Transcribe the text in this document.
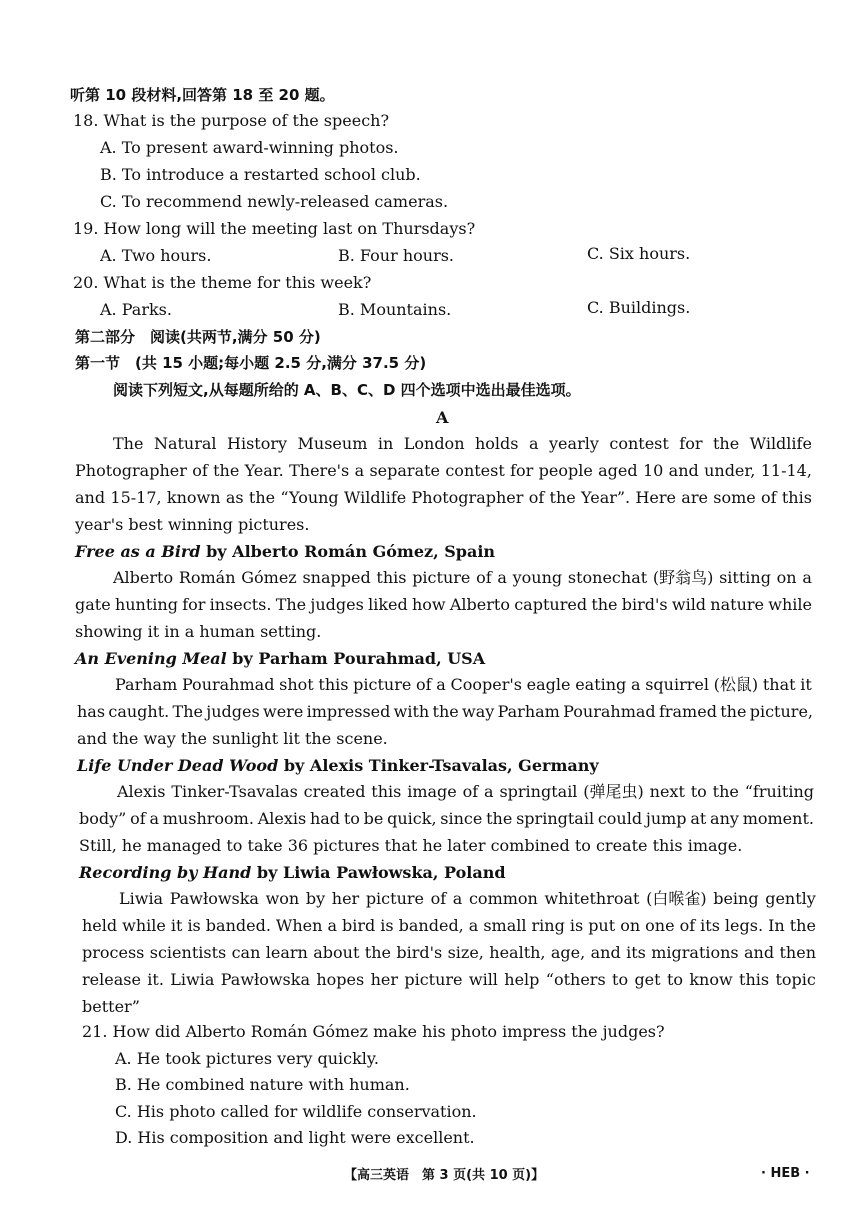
听第 10 段材料,回答第 18 至 20 题。
18. What is the purpose of the speech?
A. To present award-winning photos.
B. To introduce a restarted school club.
C. To recommend newly-released cameras.
19. How long will the meeting last on Thursdays?
A. Two hours.	B. Four hours.	C. Six hours.
20. What is the theme for this week?
A. Parks.	B. Mountains.	C. Buildings.
第二部分　阅读(共两节,满分 50 分)
第一节　(共 15 小题;每小题 2.5 分,满分 37.5 分)
阅读下列短文,从每题所给的 A、B、C、D 四个选项中选出最佳选项。
A
The Natural History Museum in London holds a yearly contest for the Wildlife
Photographer of the Year. There's a separate contest for people aged 10 and under, 11-14,
and 15-17, known as the “Young Wildlife Photographer of the Year”. Here are some of this
year's best winning pictures.
Free as a Bird by Alberto Román Gómez, Spain
Alberto Román Gómez snapped this picture of a young stonechat (野翁鸟) sitting on a
gate hunting for insects. The judges liked how Alberto captured the bird's wild nature while
showing it in a human setting.
An Evening Meal by Parham Pourahmad, USA
Parham Pourahmad shot this picture of a Cooper's eagle eating a squirrel (松鼠) that it
has caught. The judges were impressed with the way Parham Pourahmad framed the picture,
and the way the sunlight lit the scene.
Life Under Dead Wood by Alexis Tinker-Tsavalas, Germany
Alexis Tinker-Tsavalas created this image of a springtail (弹尾虫) next to the “fruiting
body” of a mushroom. Alexis had to be quick, since the springtail could jump at any moment.
Still, he managed to take 36 pictures that he later combined to create this image.
Recording by Hand by Liwia Pawłowska, Poland
Liwia Pawłowska won by her picture of a common whitethroat (白喉雀) being gently
held while it is banded. When a bird is banded, a small ring is put on one of its legs. In the
process scientists can learn about the bird's size, health, age, and its migrations and then
release it. Liwia Pawłowska hopes her picture will help “others to get to know this topic
better”
21. How did Alberto Román Gómez make his photo impress the judges?
A. He took pictures very quickly.
B. He combined nature with human.
C. His photo called for wildlife conservation.
D. His composition and light were excellent.
【高三英语　第 3 页(共 10 页)】	· HEB ·
